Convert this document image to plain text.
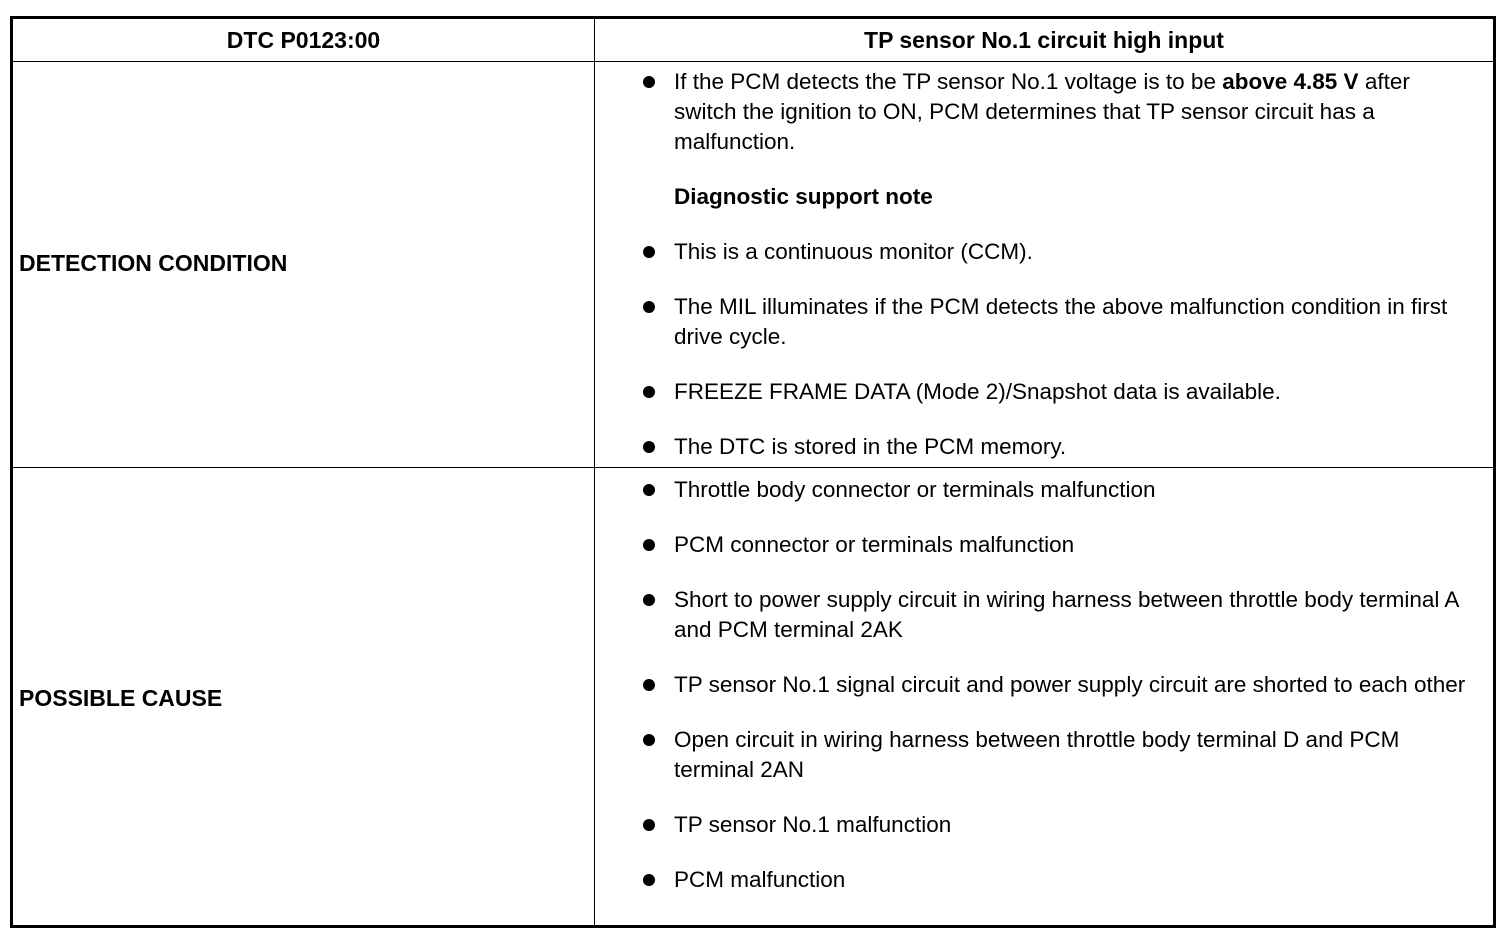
DTC P0123:00	TP sensor No.1 circuit high input
DETECTION CONDITION
POSSIBLE CAUSE
If the PCM detects the TP sensor No.1 voltage is to be above 4.85 V after switch the ignition to ON, PCM determines that TP sensor circuit has a malfunction.
Diagnostic support note
This is a continuous monitor (CCM).
The MIL illuminates if the PCM detects the above malfunction condition in first drive cycle.
FREEZE FRAME DATA (Mode 2)/Snapshot data is available.
The DTC is stored in the PCM memory.
Throttle body connector or terminals malfunction
PCM connector or terminals malfunction
Short to power supply circuit in wiring harness between throttle body terminal A and PCM terminal 2AK
TP sensor No.1 signal circuit and power supply circuit are shorted to each other
Open circuit in wiring harness between throttle body terminal D and PCM terminal 2AN
TP sensor No.1 malfunction
PCM malfunction
